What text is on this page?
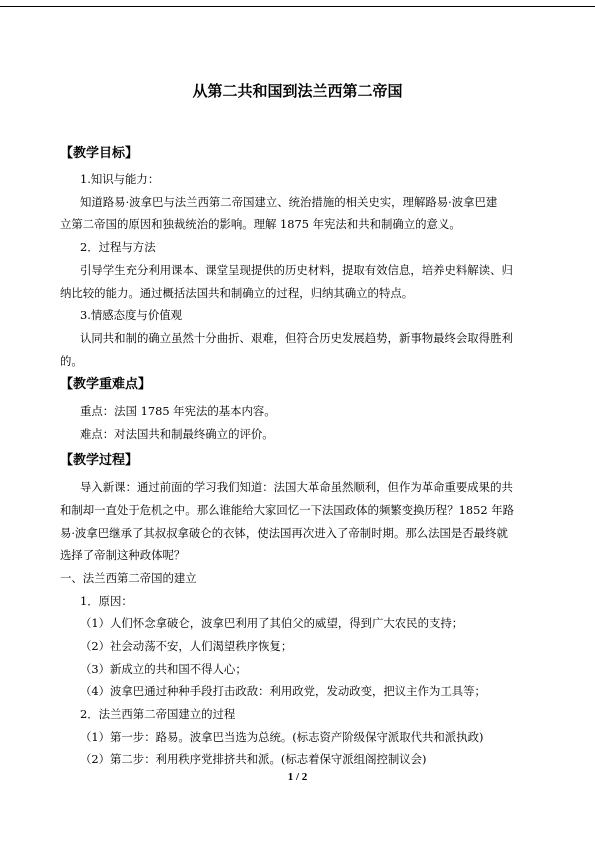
从第二共和国到法兰西第二帝国
【教学目标】
1.知识与能力：
知道路易·波拿巴与法兰西第二帝国建立、统治措施的相关史实，理解路易·波拿巴建
立第二帝国的原因和独裁统治的影响。理解 1875 年宪法和共和制确立的意义。
2．过程与方法
引导学生充分利用课本、课堂呈现提供的历史材料，提取有效信息，培养史料解读、归
纳比较的能力。通过概括法国共和制确立的过程，归纳其确立的特点。
3.情感态度与价值观
认同共和制的确立虽然十分曲折、艰难，但符合历史发展趋势，新事物最终会取得胜利
的。
【教学重难点】
重点：法国 1785 年宪法的基本内容。
难点：对法国共和制最终确立的评价。
【教学过程】
导入新课：通过前面的学习我们知道：法国大革命虽然顺利，但作为革命重要成果的共
和制却一直处于危机之中。那么谁能给大家回忆一下法国政体的频繁变换历程？1852 年路
易·波拿巴继承了其叔叔拿破仑的衣钵，使法国再次进入了帝制时期。那么法国是否最终就
选择了帝制这种政体呢？
一、法兰西第二帝国的建立
1．原因：
（1）人们怀念拿破仑，波拿巴利用了其伯父的威望，得到广大农民的支持；
（2）社会动荡不安，人们渴望秩序恢复；
（3）新成立的共和国不得人心；
（4）波拿巴通过种种手段打击政敌：利用政党，发动政变，把议主作为工具等；
2．法兰西第二帝国建立的过程
（1）第一步：路易。波拿巴当选为总统。(标志资产阶级保守派取代共和派执政)
（2）第二步：利用秩序党排挤共和派。(标志着保守派组阁控制议会)
1 / 2
